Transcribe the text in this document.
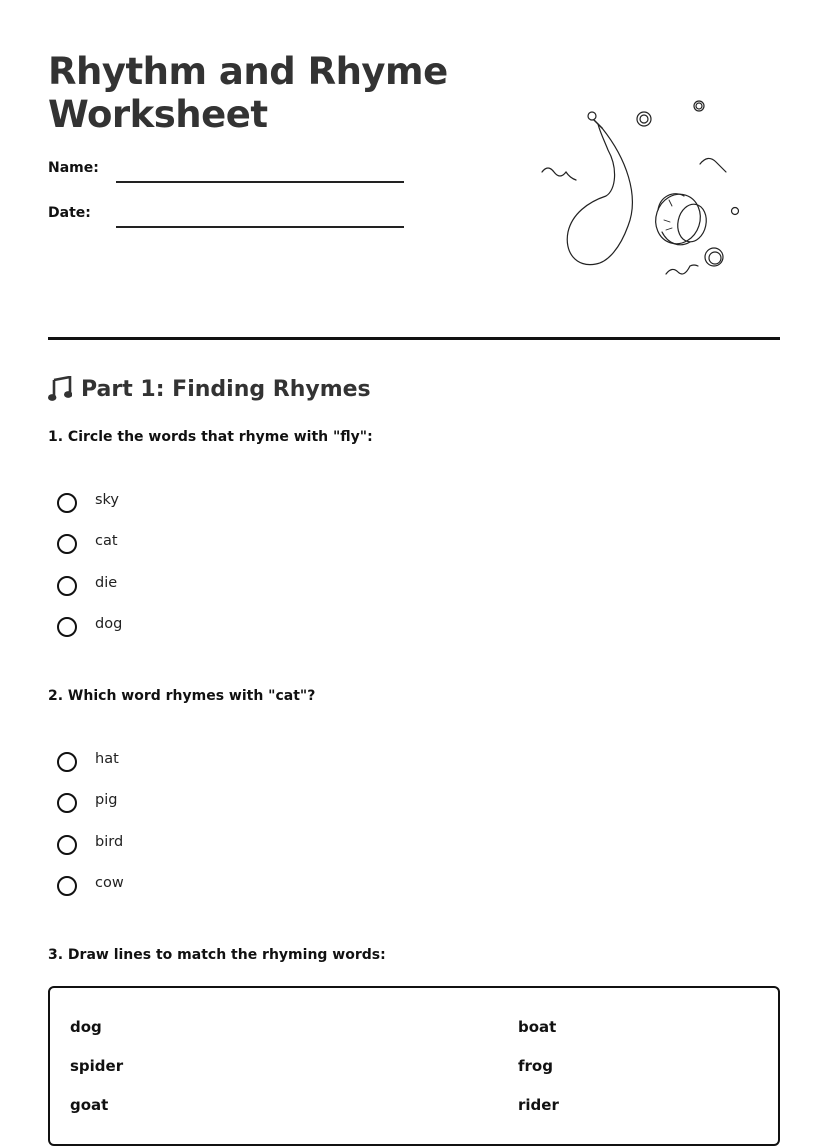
Rhythm and Rhyme Worksheet
Name:
Date:
Part 1: Finding Rhymes
1. Circle the words that rhyme with "fly":
sky
cat
die
dog
2. Which word rhymes with "cat"?
hat
pig
bird
cow
3. Draw lines to match the rhyming words:
dog
spider
goat
boat
frog
rider
